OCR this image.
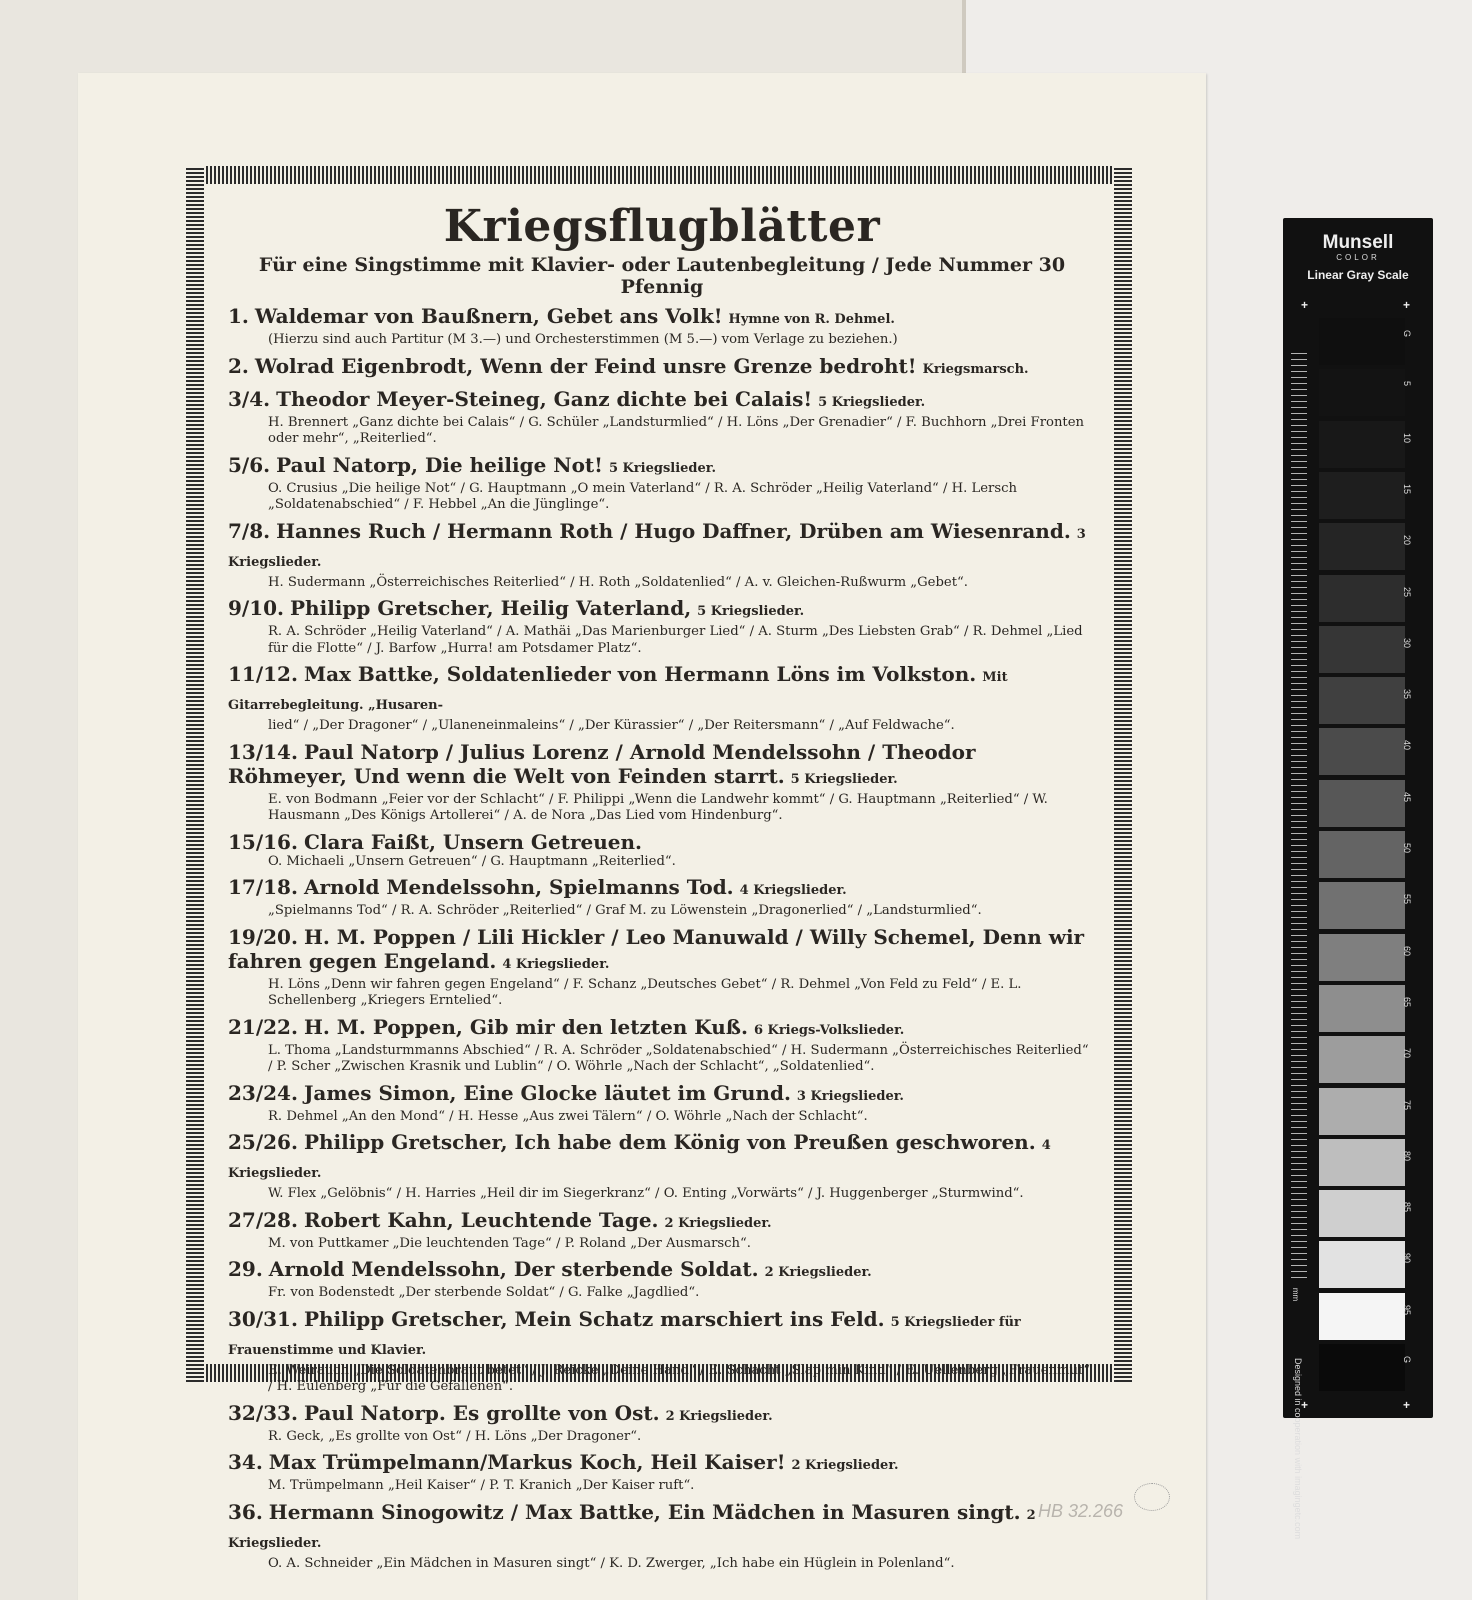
Kriegsflugblätter
Für eine Singstimme mit Klavier- oder Lautenbegleitung / Jede Nummer 30 Pfennig
1. Waldemar von Baußnern, Gebet ans Volk! Hymne von R. Dehmel.
(Hierzu sind auch Partitur (M 3.—) und Orchesterstimmen (M 5.—) vom Verlage zu beziehen.)
2. Wolrad Eigenbrodt, Wenn der Feind unsre Grenze bedroht! Kriegsmarsch.
3/4. Theodor Meyer-Steineg, Ganz dichte bei Calais! 5 Kriegslieder.
H. Brennert „Ganz dichte bei Calais“ / G. Schüler „Landsturmlied“ / H. Löns „Der Grenadier“ / F. Buchhorn „Drei Fronten oder mehr“, „Reiterlied“.
5/6. Paul Natorp, Die heilige Not! 5 Kriegslieder.
O. Crusius „Die heilige Not“ / G. Hauptmann „O mein Vaterland“ / R. A. Schröder „Heilig Vaterland“ / H. Lersch „Soldatenabschied“ / F. Hebbel „An die Jünglinge“.
7/8. Hannes Ruch / Hermann Roth / Hugo Daffner, Drüben am Wiesenrand. 3 Kriegslieder.
H. Sudermann „Österreichisches Reiterlied“ / H. Roth „Soldatenlied“ / A. v. Gleichen-Rußwurm „Gebet“.
9/10. Philipp Gretscher, Heilig Vaterland, 5 Kriegslieder.
R. A. Schröder „Heilig Vaterland“ / A. Mathäi „Das Marienburger Lied“ / A. Sturm „Des Liebsten Grab“ / R. Dehmel „Lied für die Flotte“ / J. Barfow „Hurra! am Potsdamer Platz“.
11/12. Max Battke, Soldatenlieder von Hermann Löns im Volkston. Mit Gitarrebegleitung. „Husaren-
lied“ / „Der Dragoner“ / „Ulaneneinmaleins“ / „Der Kürassier“ / „Der Reitersmann“ / „Auf Feldwache“.
13/14. Paul Natorp / Julius Lorenz / Arnold Mendelssohn / Theodor Röhmeyer, Und wenn die Welt von Feinden starrt. 5 Kriegslieder.
E. von Bodmann „Feier vor der Schlacht“ / F. Philippi „Wenn die Landwehr kommt“ / G. Hauptmann „Reiterlied“ / W. Hausmann „Des Königs Artollerei“ / A. de Nora „Das Lied vom Hindenburg“.
15/16. Clara Faißt, Unsern Getreuen.
O. Michaeli „Unsern Getreuen“ / G. Hauptmann „Reiterlied“.
17/18. Arnold Mendelssohn, Spielmanns Tod. 4 Kriegslieder.
„Spielmanns Tod“ / R. A. Schröder „Reiterlied“ / Graf M. zu Löwenstein „Dragonerlied“ / „Landsturmlied“.
19/20. H. M. Poppen / Lili Hickler / Leo Manuwald / Willy Schemel, Denn wir fahren gegen Engeland. 4 Kriegslieder.
H. Löns „Denn wir fahren gegen Engeland“ / F. Schanz „Deutsches Gebet“ / R. Dehmel „Von Feld zu Feld“ / E. L. Schellenberg „Kriegers Erntelied“.
21/22. H. M. Poppen, Gib mir den letzten Kuß. 6 Kriegs-Volkslieder.
L. Thoma „Landsturmmanns Abschied“ / R. A. Schröder „Soldatenabschied“ / H. Sudermann „Österreichisches Reiterlied“ / P. Scher „Zwischen Krasnik und Lublin“ / O. Wöhrle „Nach der Schlacht“, „Soldatenlied“.
23/24. James Simon, Eine Glocke läutet im Grund. 3 Kriegslieder.
R. Dehmel „An den Mond“ / H. Hesse „Aus zwei Tälern“ / O. Wöhrle „Nach der Schlacht“.
25/26. Philipp Gretscher, Ich habe dem König von Preußen geschworen. 4 Kriegslieder.
W. Flex „Gelöbnis“ / H. Harries „Heil dir im Siegerkranz“ / O. Enting „Vorwärts“ / J. Huggenberger „Sturmwind“.
27/28. Robert Kahn, Leuchtende Tage. 2 Kriegslieder.
M. von Puttkamer „Die leuchtenden Tage“ / P. Roland „Der Ausmarsch“.
29. Arnold Mendelssohn, Der sterbende Soldat. 2 Kriegslieder.
Fr. von Bodenstedt „Der sterbende Soldat“ / G. Falke „Jagdlied“.
30/31. Philipp Gretscher, Mein Schatz marschiert ins Feld. 5 Kriegslieder für Frauenstimme und Klavier.
E. Weirauch „Die Soldatenbraut betet“ / J. Reicke „Deine Hand“ / E. Schacht „Slap min Kind“ / E. Uellenberg „Frauenmut“ / H. Eulenberg „Für die Gefallenen“.
32/33. Paul Natorp. Es grollte von Ost. 2 Kriegslieder.
R. Geck, „Es grollte von Ost“ / H. Löns „Der Dragoner“.
34. Max Trümpelmann/Markus Koch, Heil Kaiser! 2 Kriegslieder.
M. Trümpelmann „Heil Kaiser“ / P. T. Kranich „Der Kaiser ruft“.
36. Hermann Sinogowitz / Max Battke, Ein Mädchen in Masuren singt. 2 Kriegslieder.
O. A. Schneider „Ein Mädchen in Masuren singt“ / K. D. Zwerger, „Ich habe ein Hüglein in Polenland“.
HB 32.266
Munsell
COLOR
Linear Gray Scale
+	+
+	+
mm
Designed in cooperation with imagingetc.com
G
5
10
15
20
25
30
35
40
45
50
55
60
65
70
75
80
85
90
95
G
